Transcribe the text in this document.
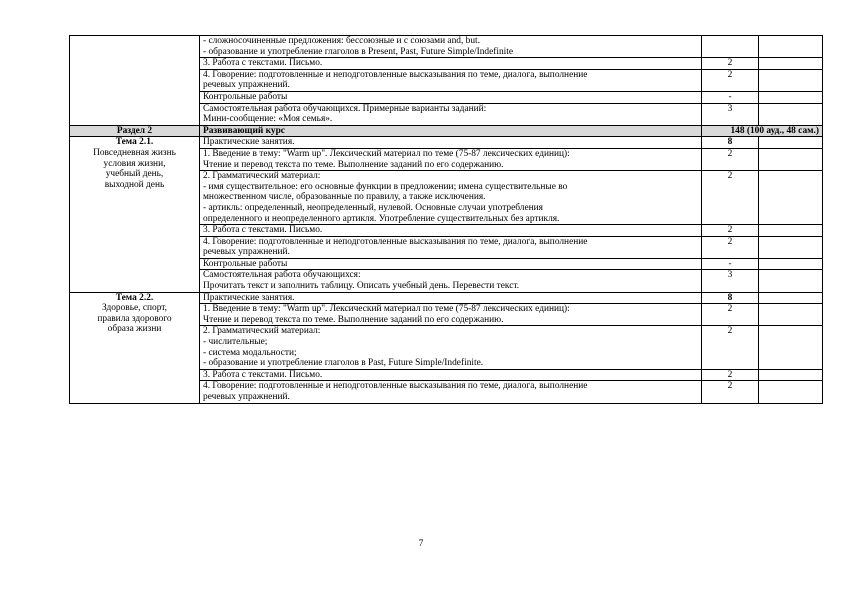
	- сложносочиненные предложения: бессоюзные и с союзами and, but.
- образование и употребление глаголов в Present, Past, Future Simple/Indefinite		

	3. Работа с текстами. Письмо.	2	

	4. Говорение: подготовленные и неподготовленные высказывания по теме, диалога, выполнение
речевых упражнений.	2	

	Контрольные работы	-	

	Самостоятельная работа обучающихся. Примерные варианты заданий:
Мини-сообщение: «Моя семья».	3	
Раздел 2	Развивающий курс	148 (100 ауд., 48 сам.)	

Тема 2.1.
Повседневная жизнь
условия жизни,
учебный день,
выходной день	Практические занятия.	8	

	1. Введение в тему: "Warm up". Лексический материал по теме (75-87 лексических единиц):
Чтение и перевод текста по теме. Выполнение заданий по его содержанию.	2	

	2. Грамматический материал:
- имя существительное: его основные функции в предложении; имена существительные во
множественном числе, образованные по правилу, а также исключения.
- артикль: определенный, неопределенный, нулевой. Основные случаи употребления
определенного и неопределенного артикля. Употребление существительных без артикля.	2	

	3. Работа с текстами. Письмо.	2	

	4. Говорение: подготовленные и неподготовленные высказывания по теме, диалога, выполнение
речевых упражнений.	2	

	Контрольные работы	-	

	Самостоятельная работа обучающихся:
Прочитать текст и заполнить таблицу. Описать учебный день. Перевести текст.	3	

Тема 2.2.
Здоровье, спорт,
правила здорового
образа жизни	Практические занятия.	8	

	1. Введение в тему: "Warm up". Лексический материал по теме (75-87 лексических единиц):
Чтение и перевод текста по теме. Выполнение заданий по его содержанию.	2	

	2. Грамматический материал:
- числительные;
- система модальности;
- образование и употребление глаголов в Past, Future Simple/Indefinite.	2	

	3. Работа с текстами. Письмо.	2	

	4. Говорение: подготовленные и неподготовленные высказывания по теме, диалога, выполнение
речевых упражнений.	2	
7
